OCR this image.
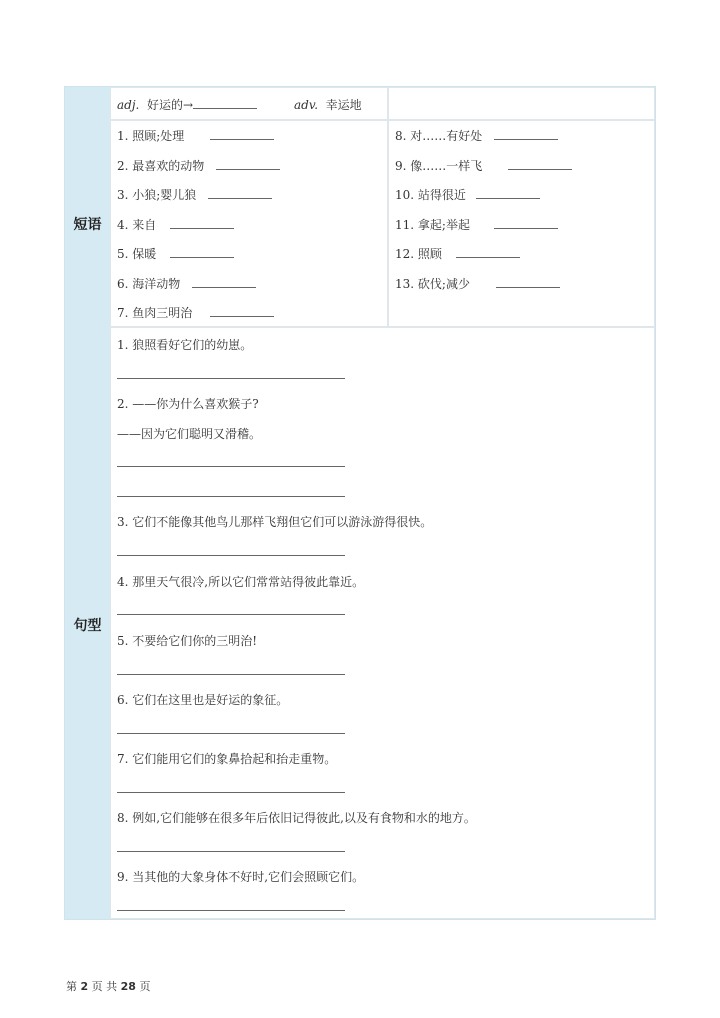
短语
句型
adj. 好运的→	adv. 幸运地
1. 照顾;处理
2. 最喜欢的动物
3. 小狼;婴儿狼
4. 来自
5. 保暖
6. 海洋动物
7. 鱼肉三明治
8. 对……有好处
9. 像……一样飞
10. 站得很近
11. 拿起;举起
12. 照顾
13. 砍伐;减少
1. 狼照看好它们的幼崽。
2. ——你为什么喜欢猴子?
——因为它们聪明又滑稽。
3. 它们不能像其他鸟儿那样飞翔但它们可以游泳游得很快。
4. 那里天气很冷,所以它们常常站得彼此靠近。
5. 不要给它们你的三明治!
6. 它们在这里也是好运的象征。
7. 它们能用它们的象鼻拾起和抬走重物。
8. 例如,它们能够在很多年后依旧记得彼此,以及有食物和水的地方。
9. 当其他的大象身体不好时,它们会照顾它们。
第 2 页 共 28 页
